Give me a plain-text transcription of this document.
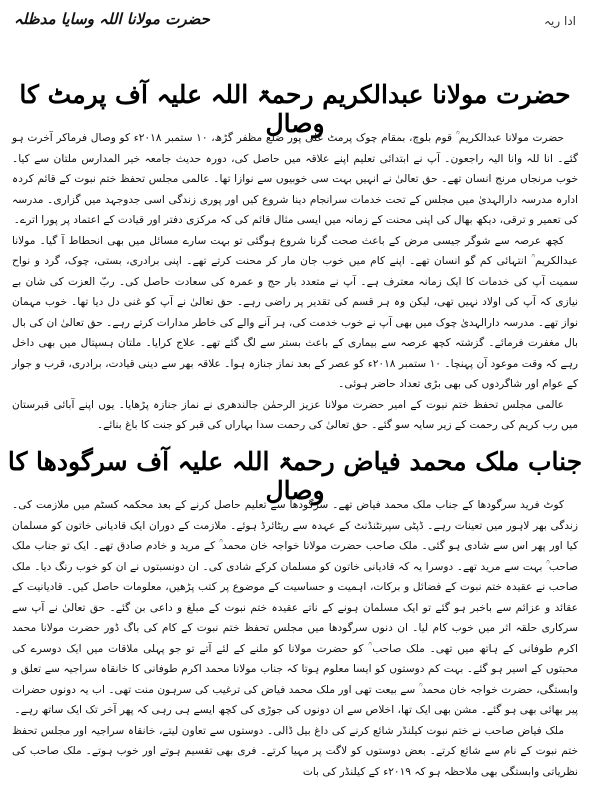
ادا ریہ
حضرت مولانا اللہ وسایا مدظلہ
حضرت مولانا عبدالکریم رحمۃ اللہ علیہ آف پرمٹ کا وصال

حضرت مولانا عبدالکریم ؒ قوم بلوچ، بمقام چوک پرمٹ علی پور ضلع مظفر گڑھ، ۱۰ ستمبر ۲۰۱۸ء کو وصال فرماکر آخرت ہو گئے۔ انا للہ وانا الیہ راجعون۔ آپ نے ابتدائی تعلیم اپنے علاقہ میں حاصل کی، دورہ حدیث جامعہ خیر المدارس ملتان سے کیا۔ خوب مرنجاں مرنج انسان تھے۔ حق تعالیٰ نے انہیں بہت سی خوبیوں سے نوازا تھا۔ عالمی مجلس تحفظ ختم نبوت کے قائم کردہ ادارہ مدرسہ دارالہدیٰ میں مجلس کے تحت خدمات سرانجام دینا شروع کیں اور پوری زندگی اسی جدوجہد میں گزاری۔ مدرسہ کی تعمیر و ترقی، دیکھ بھال کی اپنی محنت کے زمانہ میں ایسی مثال قائم کی کہ مرکزی دفتر اور قیادت کے اعتماد پر پورا اترے۔

کچھ عرصہ سے شوگر جیسی مرض کے باعث صحت گرنا شروع ہوگئی تو بہت سارے مسائل میں بھی انحطاط آ گیا۔ مولانا عبدالکریم ؒ انتہائی کم گو انسان تھے۔ اپنے کام میں خوب جان مار کر محنت کرتے تھے۔ اپنی برادری، بستی، چوک، گرد و نواح سمیت آپ کی خدمات کا ایک زمانہ معترف ہے۔ آپ نے متعدد بار حج و عمرہ کی سعادت حاصل کی۔ ربّ العزت کی شان بے نیازی کہ آپ کی اولاد نہیں تھی، لیکن وہ ہر قسم کی تقدیر پر راضی رہے۔ حق تعالیٰ نے آپ کو غنی دل دیا تھا۔ خوب مہمان نواز تھے۔ مدرسہ دارالہدیٰ چوک میں بھی آپ نے خوب خدمت کی، ہر آنے والے کی خاطر مدارات کرتے رہے۔ حق تعالیٰ ان کی بال بال مغفرت فرمائے۔ گزشتہ کچھ عرصہ سے بیماری کے باعث بستر سے لگ گئے تھے۔ علاج کرایا۔ ملتان ہسپتال میں بھی داخل رہے کہ وقت موعود آن پہنچا۔ ۱۰ ستمبر ۲۰۱۸ء کو عصر کے بعد نماز جنازہ ہوا۔ علاقہ بھر سے دینی قیادت، برادری، قرب و جوار کے عوام اور شاگردوں کی بھی بڑی تعداد حاضر ہوئی۔

عالمی مجلس تحفظ ختم نبوت کے امیر حضرت مولانا عزیز الرحمٰن جالندھری نے نماز جنازہ پڑھایا۔ یوں اپنے آبائی قبرستان میں رب کریم کی رحمت کے زیر سایہ سو گئے۔ حق تعالیٰ کی رحمت سدا بہاراں کی قبر کو جنت کا باغ بنائے۔

جناب ملک محمد فیاض رحمۃ اللہ علیہ آف سرگودھا کا وصال

کوٹ فرید سرگودھا کے جناب ملک محمد فیاض تھے۔ سرگودھا سے تعلیم حاصل کرنے کے بعد محکمہ کسٹم میں ملازمت کی۔ زندگی بھر لاہور میں تعینات رہے۔ ڈپٹی سپرنٹنڈنٹ کے عہدہ سے ریٹائرڈ ہوئے۔ ملازمت کے دوران ایک قادیانی خاتون کو مسلمان کیا اور پھر اس سے شادی ہو گئی۔ ملک صاحب حضرت مولانا خواجہ خان محمد ؒ کے مرید و خادم صادق تھے۔ ایک تو جناب ملک صاحب ؒ بہت سے مرید تھے۔ دوسرا یہ کہ قادیانی خاتون کو مسلمان کرکے شادی کی۔ ان دونسبتوں نے ان کو خوب رنگ دیا۔ ملک صاحب نے عقیدہ ختم نبوت کے فضائل و برکات، اہمیت و حساسیت کے موضوع پر کتب پڑھیں، معلومات حاصل کیں۔ قادیانیت کے عقائد و عزائم سے باخبر ہو گئے تو ایک مسلمان ہونے کے ناتے عقیدہ ختم نبوت کے مبلغ و داعی بن گئے۔ حق تعالیٰ نے آپ سے سرکاری حلقہ اثر میں خوب کام لیا۔ ان دنوں سرگودھا میں مجلس تحفظ ختم نبوت کے کام کی باگ ڈور حضرت مولانا محمد اکرم طوفانی کے ہاتھ میں تھی۔ ملک صاحب ؒ کو حضرت مولانا کو ملنے کے لئے آتے تو جو پہلی ملاقات میں ایک دوسرے کی محبتوں کے اسیر ہو گئے۔ بہت کم دوستوں کو ایسا معلوم ہوتا کہ جناب مولانا محمد اکرم طوفانی کا خانقاہ سراجیہ سے تعلق و وابستگی، حضرت خواجہ خان محمد ؒ سے بیعت تھی اور ملک محمد فیاض کی ترغیب کی سرہون منت تھی۔ اب یہ دونوں حضرات پیر بھائی بھی ہو گئے۔ مشن بھی ایک تھا، اخلاص سے ان دونوں کی جوڑی کی کچھ ایسے ہی رہی کہ پھر آخر تک ایک ساتھ رہے۔

ملک فیاض صاحب نے ختم نبوت کیلنڈر شائع کرنے کی داغ بیل ڈالی۔ دوستوں سے تعاون لیتے، خانقاہ سراجیہ اور مجلس تحفظ ختم نبوت کے نام سے شائع کرتے۔ بعض دوستوں کو لاگت پر مہیا کرتے۔ فری بھی تقسیم ہوتے اور خوب ہوتے۔ ملک صاحب کی نظریاتی وابستگی بھی ملاحظہ ہو کہ ۲۰۱۹ء کے کیلنڈر کی بات
